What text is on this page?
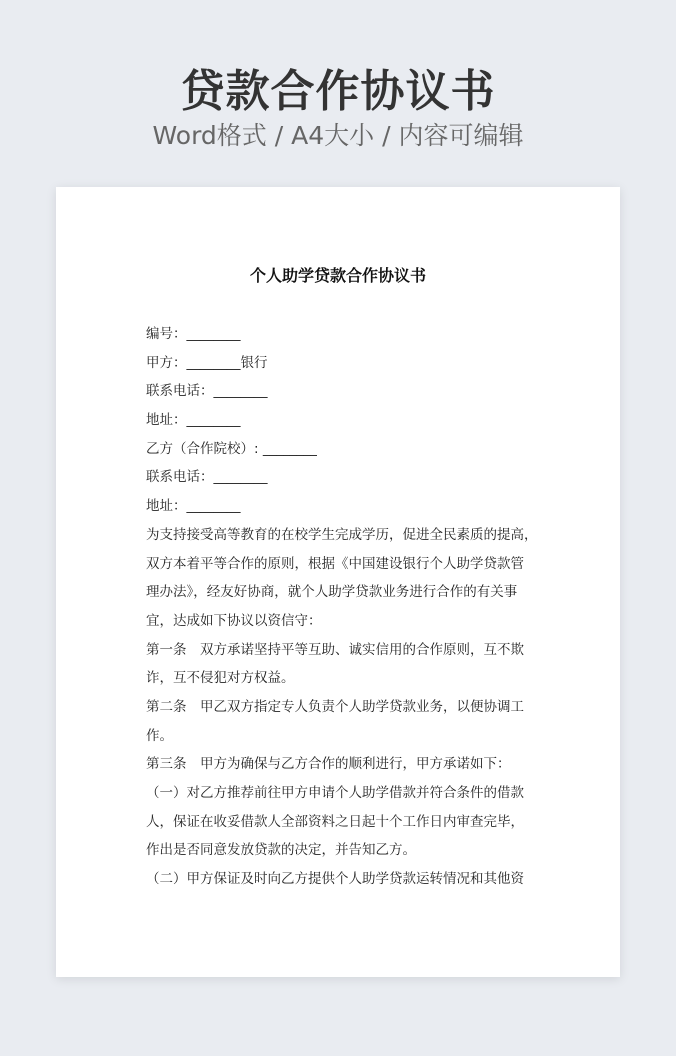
贷款合作协议书
Word格式 / A4大小 / 内容可编辑
个人助学贷款合作协议书
编号：________
甲方：________银行
联系电话：________
地址：________
乙方（合作院校）: ________
联系电话：________
地址：________
为支持接受高等教育的在校学生完成学历，促进全民素质的提高，
双方本着平等合作的原则，根据《中国建设银行个人助学贷款管
理办法》，经友好协商，就个人助学贷款业务进行合作的有关事
宜，达成如下协议以资信守：
第一条　双方承诺坚持平等互助、诚实信用的合作原则，互不欺
诈，互不侵犯对方权益。
第二条　甲乙双方指定专人负责个人助学贷款业务，以便协调工
作。
第三条　甲方为确保与乙方合作的顺利进行，甲方承诺如下：
（一）对乙方推荐前往甲方申请个人助学借款并符合条件的借款
人，保证在收妥借款人全部资料之日起十个工作日内审查完毕，
作出是否同意发放贷款的决定，并告知乙方。
（二）甲方保证及时向乙方提供个人助学贷款运转情况和其他资
